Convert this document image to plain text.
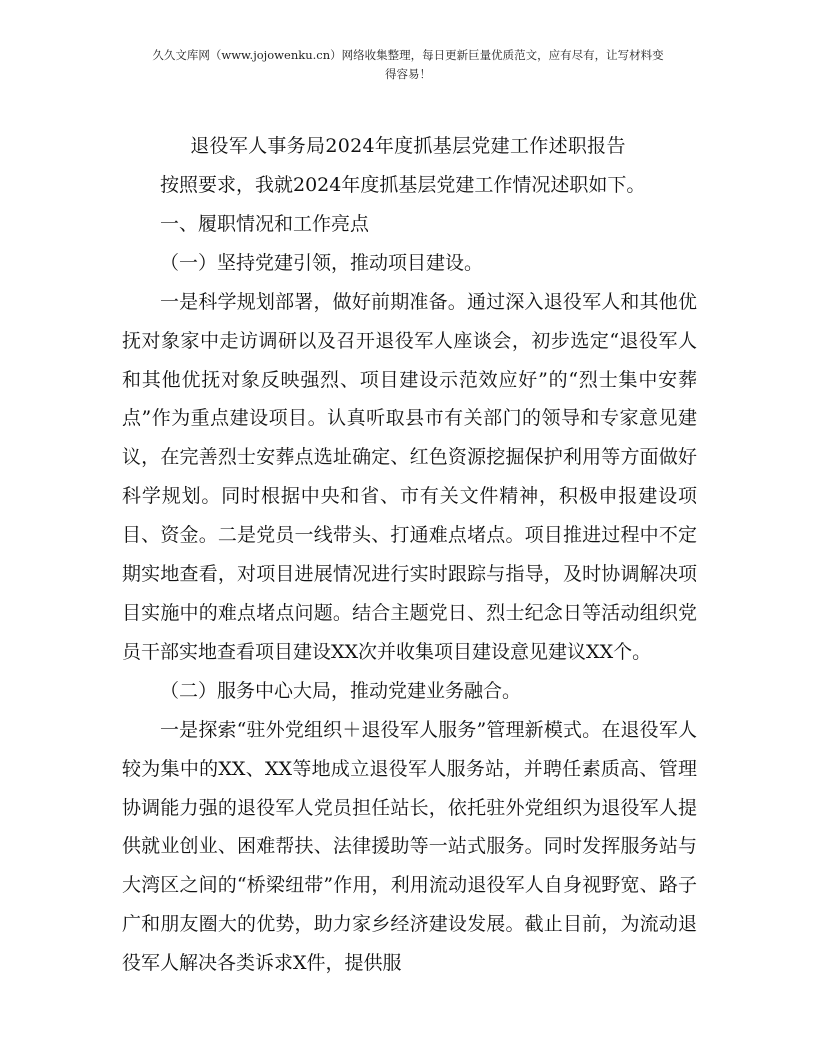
久久文库网（www.jojowenku.cn）网络收集整理，每日更新巨量优质范文，应有尽有，让写材料变
得容易！
退役军人事务局2024年度抓基层党建工作述职报告

按照要求，我就2024年度抓基层党建工作情况述职如下。

一、履职情况和工作亮点

（一）坚持党建引领，推动项目建设。

一是科学规划部署，做好前期准备。通过深入退役军人和其他优抚对象家中走访调研以及召开退役军人座谈会，初步选定“退役军人和其他优抚对象反映强烈、项目建设示范效应好”的“烈士集中安葬点”作为重点建设项目。认真听取县市有关部门的领导和专家意见建议，在完善烈士安葬点选址确定、红色资源挖掘保护利用等方面做好科学规划。同时根据中央和省、市有关文件精神，积极申报建设项目、资金。二是党员一线带头、打通难点堵点。项目推进过程中不定期实地查看，对项目进展情况进行实时跟踪与指导，及时协调解决项目实施中的难点堵点问题。结合主题党日、烈士纪念日等活动组织党员干部实地查看项目建设XX次并收集项目建设意见建议XX个。

（二）服务中心大局，推动党建业务融合。

一是探索“驻外党组织＋退役军人服务”管理新模式。在退役军人较为集中的XX、XX等地成立退役军人服务站，并聘任素质高、管理协调能力强的退役军人党员担任站长，依托驻外党组织为退役军人提供就业创业、困难帮扶、法律援助等一站式服务。同时发挥服务站与大湾区之间的“桥梁纽带”作用，利用流动退役军人自身视野宽、路子广和朋友圈大的优势，助力家乡经济建设发展。截止目前，为流动退役军人解决各类诉求X件，提供服
